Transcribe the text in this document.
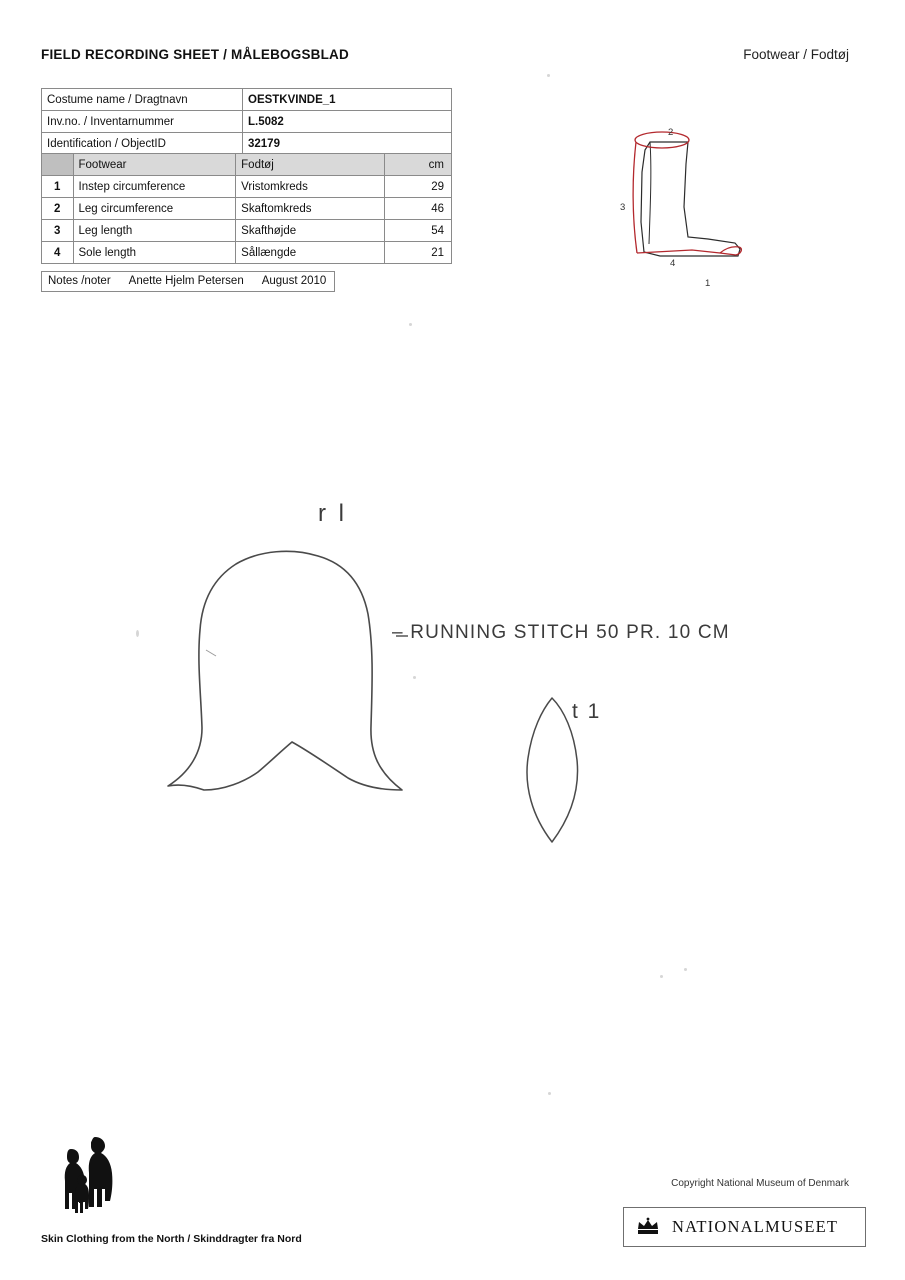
FIELD RECORDING SHEET / MÅLEBOGSBLAD	Footwear / Fodtøj
Costume name / Dragtnavn	OESTKVINDE_1
Inv.no. / Inventarnummer	L.5082
Identification / ObjectID	32179
	Footwear	Fodtøj	cm
1	Instep circumference	Vristomkreds	29
2	Leg circumference	Skaftomkreds	46
3	Leg length	Skafthøjde	54
4	Sole length	Sållængde	21
Notes /noter Anette Hjelm Petersen August 2010
2
3
4
1
r l
– RUNNING STITCH 50 PR. 10 CM
t 1
Skin Clothing from the North / Skinddragter fra Nord
Copyright National Museum of Denmark
NATIONALMUSEET
